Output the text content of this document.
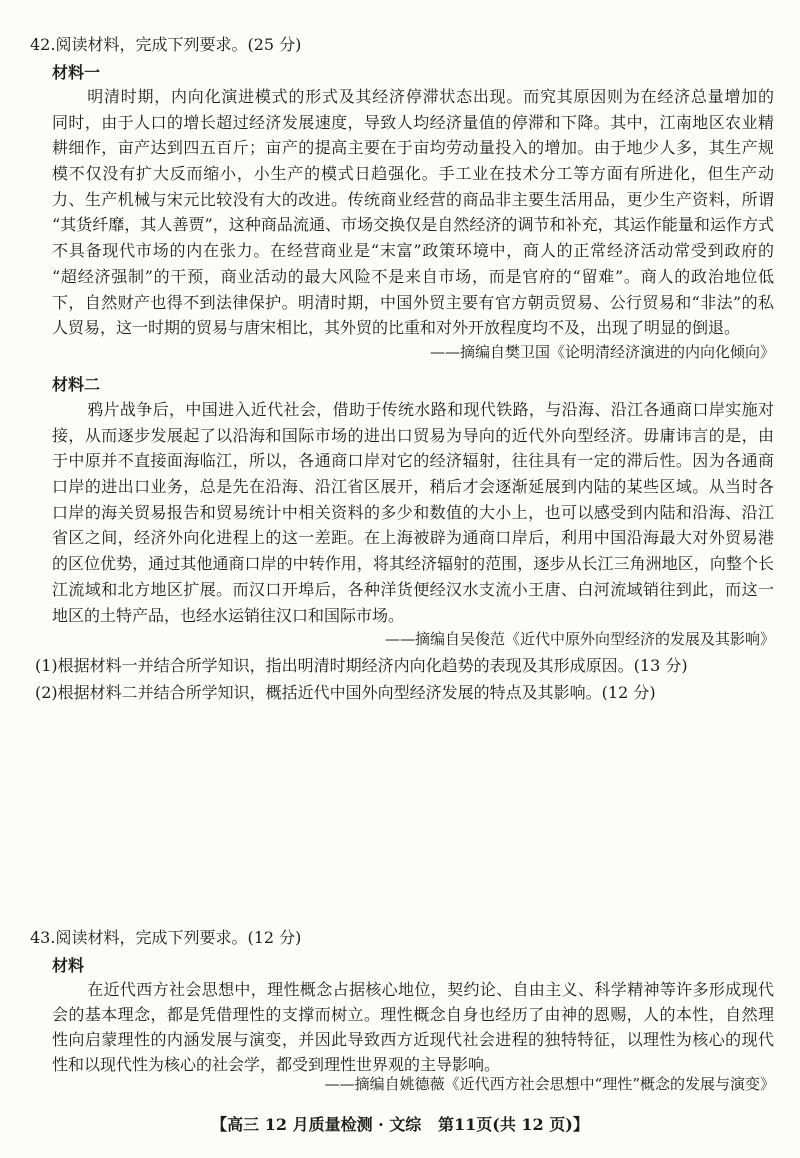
42.阅读材料，完成下列要求。(25 分)
材料一
明清时期，内向化演进模式的形式及其经济停滞状态出现。而究其原因则为在经济总量增加的
同时，由于人口的增长超过经济发展速度，导致人均经济量值的停滞和下降。其中，江南地区农业精
耕细作，亩产达到四五百斤；亩产的提高主要在于亩均劳动量投入的增加。由于地少人多，其生产规
模不仅没有扩大反而缩小，小生产的模式日趋强化。手工业在技术分工等方面有所进化，但生产动
力、生产机械与宋元比较没有大的改进。传统商业经营的商品非主要生活用品，更少生产资料，所谓
“其货纤靡，其人善贾”，这种商品流通、市场交换仅是自然经济的调节和补充，其运作能量和运作方式
不具备现代市场的内在张力。在经营商业是“末富”政策环境中，商人的正常经济活动常受到政府的
“超经济强制”的干预，商业活动的最大风险不是来自市场，而是官府的“留难”。商人的政治地位低
下，自然财产也得不到法律保护。明清时期，中国外贸主要有官方朝贡贸易、公行贸易和“非法”的私
人贸易，这一时期的贸易与唐宋相比，其外贸的比重和对外开放程度均不及，出现了明显的倒退。
——摘编自樊卫国《论明清经济演进的内向化倾向》
材料二
鸦片战争后，中国进入近代社会，借助于传统水路和现代铁路，与沿海、沿江各通商口岸实施对
接，从而逐步发展起了以沿海和国际市场的进出口贸易为导向的近代外向型经济。毋庸讳言的是，由
于中原并不直接面海临江，所以，各通商口岸对它的经济辐射，往往具有一定的滞后性。因为各通商
口岸的进出口业务，总是先在沿海、沿江省区展开，稍后才会逐渐延展到内陆的某些区域。从当时各
口岸的海关贸易报告和贸易统计中相关资料的多少和数值的大小上，也可以感受到内陆和沿海、沿江
省区之间，经济外向化进程上的这一差距。在上海被辟为通商口岸后，利用中国沿海最大对外贸易港
的区位优势，通过其他通商口岸的中转作用，将其经济辐射的范围，逐步从长江三角洲地区，向整个长
江流域和北方地区扩展。而汉口开埠后，各种洋货便经汉水支流小王唐、白河流域销往到此，而这一
地区的土特产品，也经水运销往汉口和国际市场。
——摘编自吴俊范《近代中原外向型经济的发展及其影响》
(1)根据材料一并结合所学知识，指出明清时期经济内向化趋势的表现及其形成原因。(13 分)
(2)根据材料二并结合所学知识，概括近代中国外向型经济发展的特点及其影响。(12 分)
43.阅读材料，完成下列要求。(12 分)
材料
在近代西方社会思想中，理性概念占据核心地位，契约论、自由主义、科学精神等许多形成现代
会的基本理念，都是凭借理性的支撑而树立。理性概念自身也经历了由神的恩赐，人的本性，自然理
性向启蒙理性的内涵发展与演变，并因此导致西方近现代社会进程的独特特征，以理性为核心的现代
性和以现代性为核心的社会学，都受到理性世界观的主导影响。
——摘编自姚德薇《近代西方社会思想中“理性”概念的发展与演变》
【高三 12 月质量检测 · 文综   第11页(共 12 页)】
